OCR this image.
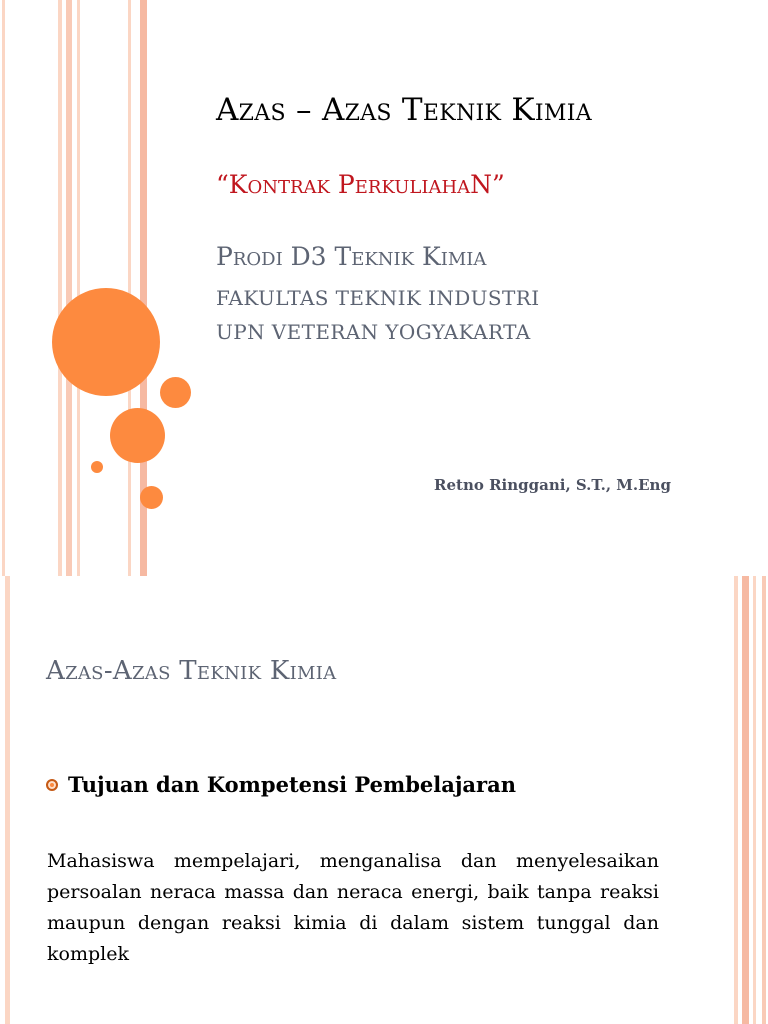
Azas – Azas Teknik Kimia
“Kontrak PerkuliahaN”
Prodi D3 Teknik Kimia
FAKULTAS TEKNIK INDUSTRI
UPN VETERAN YOGYAKARTA
Retno Ringgani, S.T., M.Eng
Azas-Azas Teknik Kimia
Tujuan dan Kompetensi Pembelajaran

Mahasiswa mempelajari, menganalisa dan menyelesaikan persoalan neraca massa dan neraca energi, baik tanpa reaksi maupun dengan reaksi kimia di dalam sistem tunggal dan komplek
